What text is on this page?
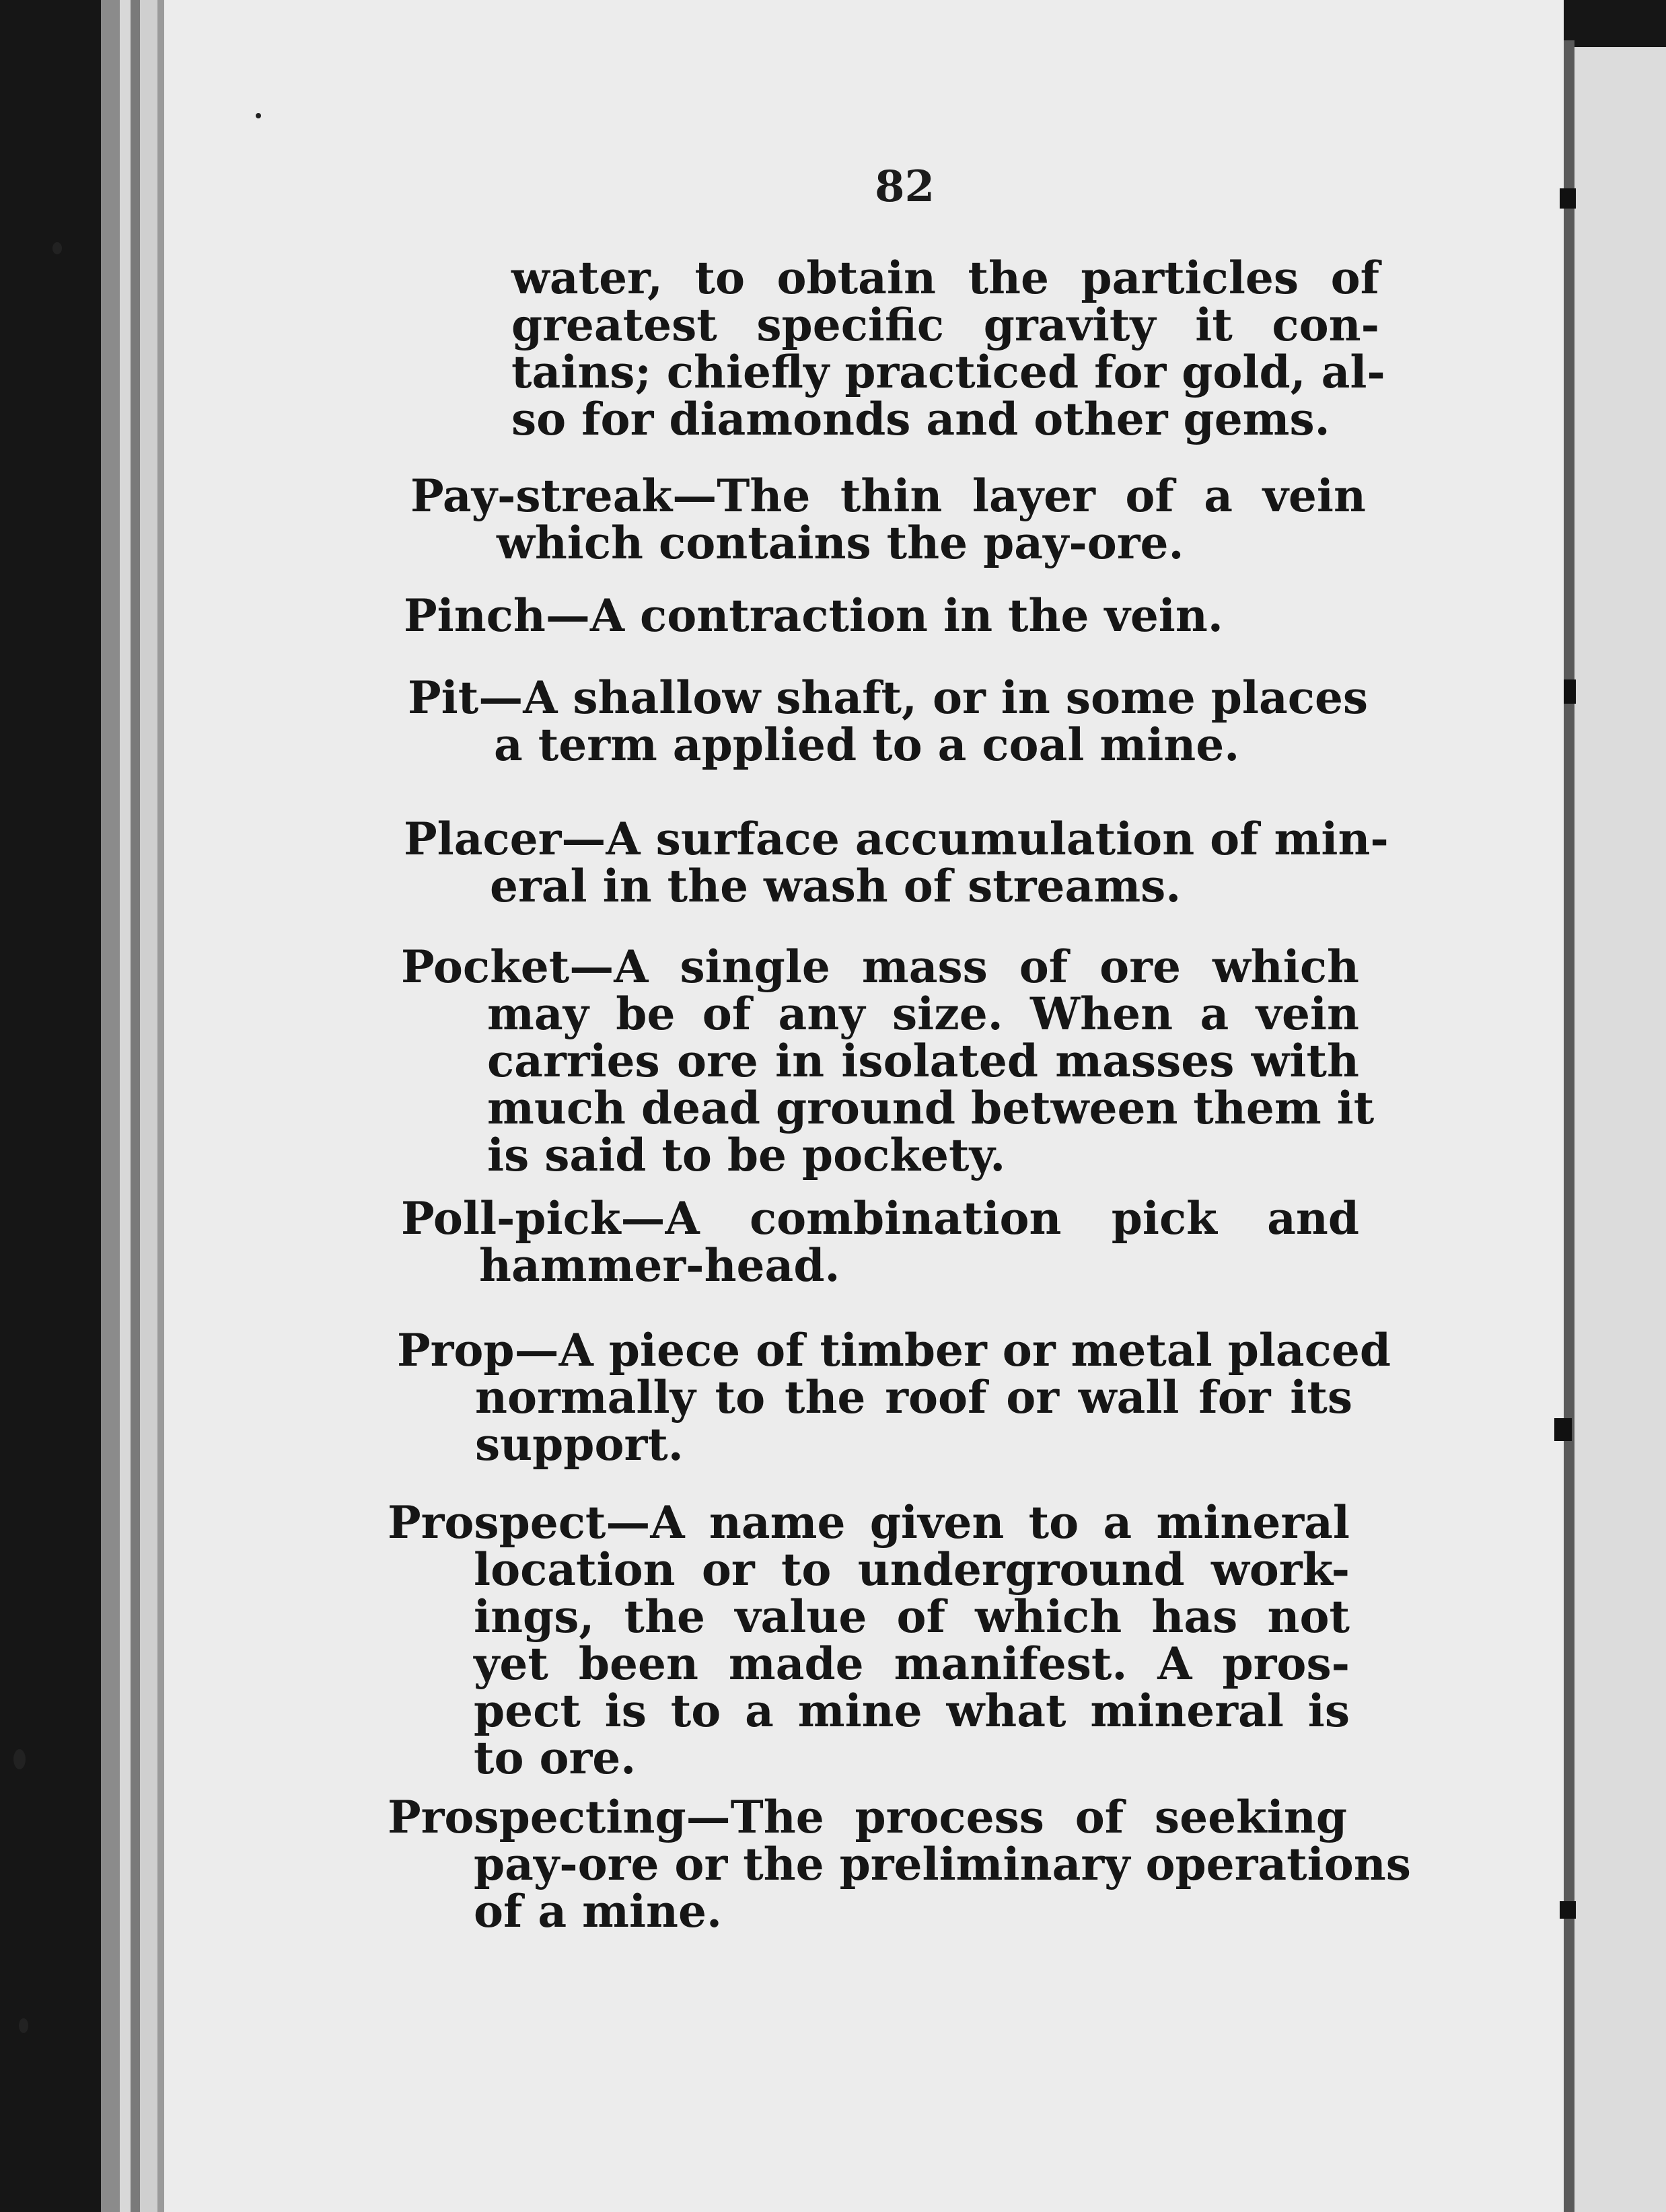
82
water, to obtain the particles of
greatest specific gravity it con-
tains; chiefly practiced for gold, al-
so for diamonds and other gems.
Pay-streak—The thin layer of a vein
which contains the pay-ore.
Pinch—A contraction in the vein.
Pit—A shallow shaft, or in some places
a term applied to a coal mine.
Placer—A surface accumulation of min-
eral in the wash of streams.
Pocket—A single mass of ore which
may be of any size. When a vein
carries ore in isolated masses with
much dead ground between them it
is said to be pockety.
Poll-pick—A combination pick and
hammer-head.
Prop—A piece of timber or metal placed
normally to the roof or wall for its
support.
Prospect—A name given to a mineral
location or to underground work-
ings, the value of which has not
yet been made manifest. A pros-
pect is to a mine what mineral is
to ore.
Prospecting—The process of seeking
pay-ore or the preliminary operations
of a mine.
